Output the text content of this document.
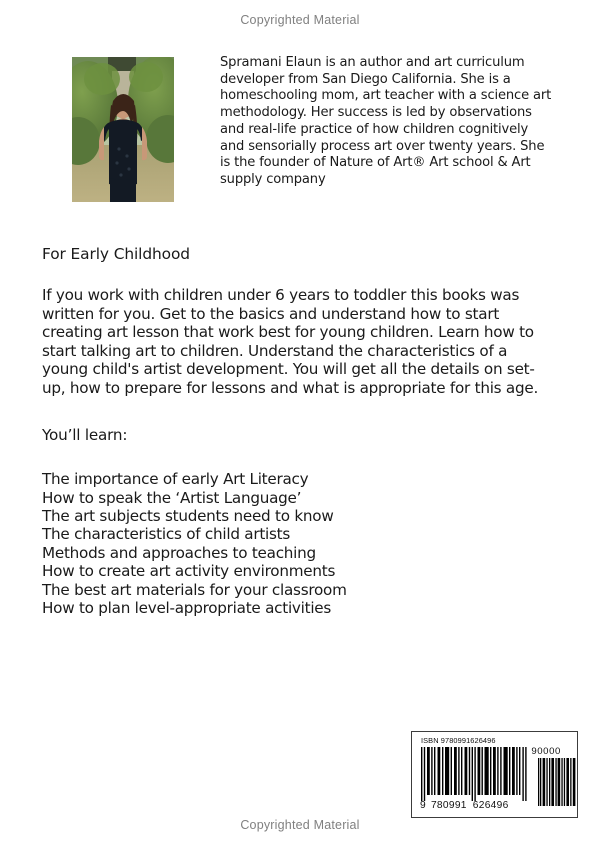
Copyrighted Material
Spramani Elaun is an author and art curriculum developer from San Diego California. She is a homeschooling mom, art teacher with a science art methodology. Her success is led by observations and real-life practice of how children cognitively and sensorially process art over twenty years. She is the founder of Nature of Art® Art school & Art supply company
For Early Childhood

If you work with children under 6 years to toddler this books was written for you. Get to the basics and understand how to start creating art lesson that work best for young children. Learn how to start talking art to children. Understand the characteristics of a young child's artist development. You will get all the details on set-up, how to prepare for lessons and what is appropriate for this age.

You’ll learn:

The importance of early Art Literacy
How to speak the ‘Artist Language’
The art subjects students need to know
The characteristics of child artists
Methods and approaches to teaching
How to create art activity environments
The best art materials for your classroom
How to plan level-appropriate activities
ISBN 9780991626496
90000
9 780991 626496
Copyrighted Material
